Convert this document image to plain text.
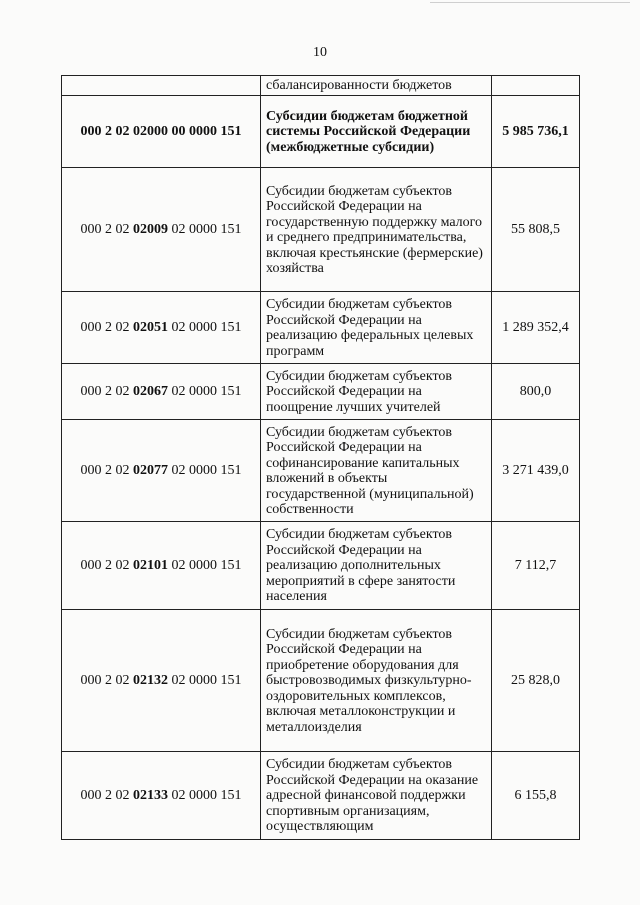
10
	сбалансированности бюджетов	
000 2 02 02000 00 0000 151	Субсидии бюджетам бюджетной системы Российской Федерации (межбюджетные субсидии)	5 985 736,1
000 2 02 02009 02 0000 151	Субсидии бюджетам субъектов Российской Федерации на государственную поддержку малого и среднего предпринимательства, включая крестьянские (фермерские) хозяйства	55 808,5
000 2 02 02051 02 0000 151	Субсидии бюджетам субъектов Российской Федерации на реализацию федеральных целевых программ	1 289 352,4
000 2 02 02067 02 0000 151	Субсидии бюджетам субъектов Российской Федерации на поощрение лучших учителей	800,0
000 2 02 02077 02 0000 151	Субсидии бюджетам субъектов Российской Федерации на софинансирование капитальных вложений в объекты государственной (муниципальной) собственности	3 271 439,0
000 2 02 02101 02 0000 151	Субсидии бюджетам субъектов Российской Федерации на реализацию дополнительных мероприятий в сфере занятости населения	7 112,7
000 2 02 02132 02 0000 151	Субсидии бюджетам субъектов Российской Федерации на приобретение оборудования для быстровозводимых физкультурно-оздоровительных комплексов, включая металлоконструкции и металлоизделия	25 828,0
000 2 02 02133 02 0000 151	Субсидии бюджетам субъектов Российской Федерации на оказание адресной финансовой поддержки спортивным организациям, осуществляющим	6 155,8
